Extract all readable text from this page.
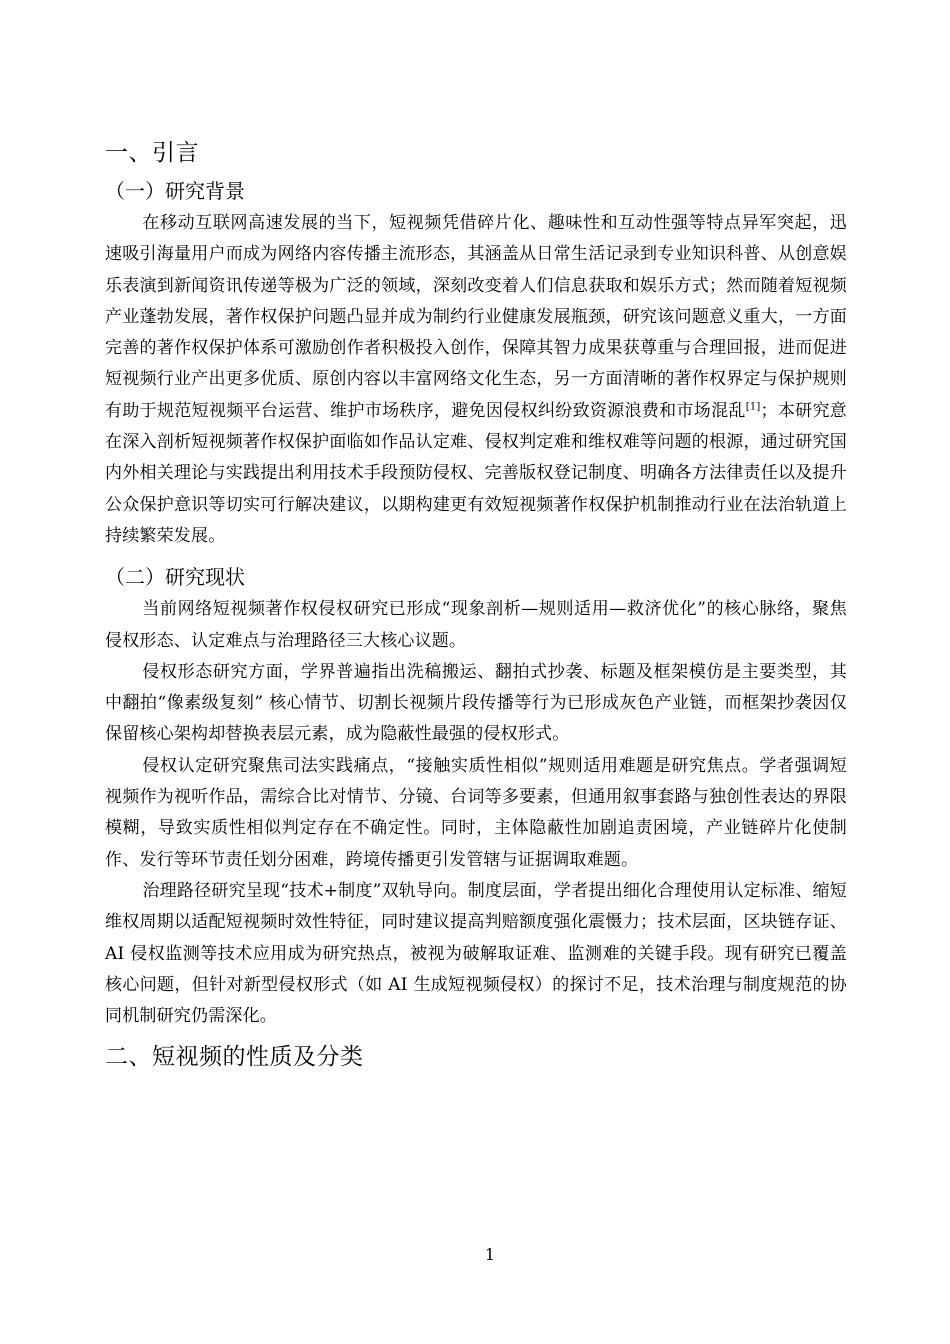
一、引言
（一）研究背景

在移动互联网高速发展的当下，短视频凭借碎片化、趣味性和互动性强等特点异军突起，迅速吸引海量用户而成为网络内容传播主流形态，其涵盖从日常生活记录到专业知识科普、从创意娱乐表演到新闻资讯传递等极为广泛的领域，深刻改变着人们信息获取和娱乐方式；然而随着短视频产业蓬勃发展，著作权保护问题凸显并成为制约行业健康发展瓶颈，研究该问题意义重大，一方面完善的著作权保护体系可激励创作者积极投入创作，保障其智力成果获尊重与合理回报，进而促进短视频行业产出更多优质、原创内容以丰富网络文化生态，另一方面清晰的著作权界定与保护规则有助于规范短视频平台运营、维护市场秩序，避免因侵权纠纷致资源浪费和市场混乱[1]；本研究意在深入剖析短视频著作权保护面临如作品认定难、侵权判定难和维权难等问题的根源，通过研究国内外相关理论与实践提出利用技术手段预防侵权、完善版权登记制度、明确各方法律责任以及提升公众保护意识等切实可行解决建议，以期构建更有效短视频著作权保护机制推动行业在法治轨道上持续繁荣发展。

（二）研究现状

当前网络短视频著作权侵权研究已形成“现象剖析—规则适用—救济优化”的核心脉络，聚焦侵权形态、认定难点与治理路径三大核心议题。

侵权形态研究方面，学界普遍指出洗稿搬运、翻拍式抄袭、标题及框架模仿是主要类型，其中翻拍“像素级复刻” 核心情节、切割长视频片段传播等行为已形成灰色产业链，而框架抄袭因仅保留核心架构却替换表层元素，成为隐蔽性最强的侵权形式。

侵权认定研究聚焦司法实践痛点，“接触实质性相似”规则适用难题是研究焦点。学者强调短视频作为视听作品，需综合比对情节、分镜、台词等多要素，但通用叙事套路与独创性表达的界限模糊，导致实质性相似判定存在不确定性。同时，主体隐蔽性加剧追责困境，产业链碎片化使制作、发行等环节责任划分困难，跨境传播更引发管辖与证据调取难题。

治理路径研究呈现“技术+制度”双轨导向。制度层面，学者提出细化合理使用认定标准、缩短维权周期以适配短视频时效性特征，同时建议提高判赔额度强化震慑力；技术层面，区块链存证、AI 侵权监测等技术应用成为研究热点，被视为破解取证难、监测难的关键手段。现有研究已覆盖核心问题，但针对新型侵权形式（如 AI 生成短视频侵权）的探讨不足，技术治理与制度规范的协同机制研究仍需深化。

二、短视频的性质及分类
1
